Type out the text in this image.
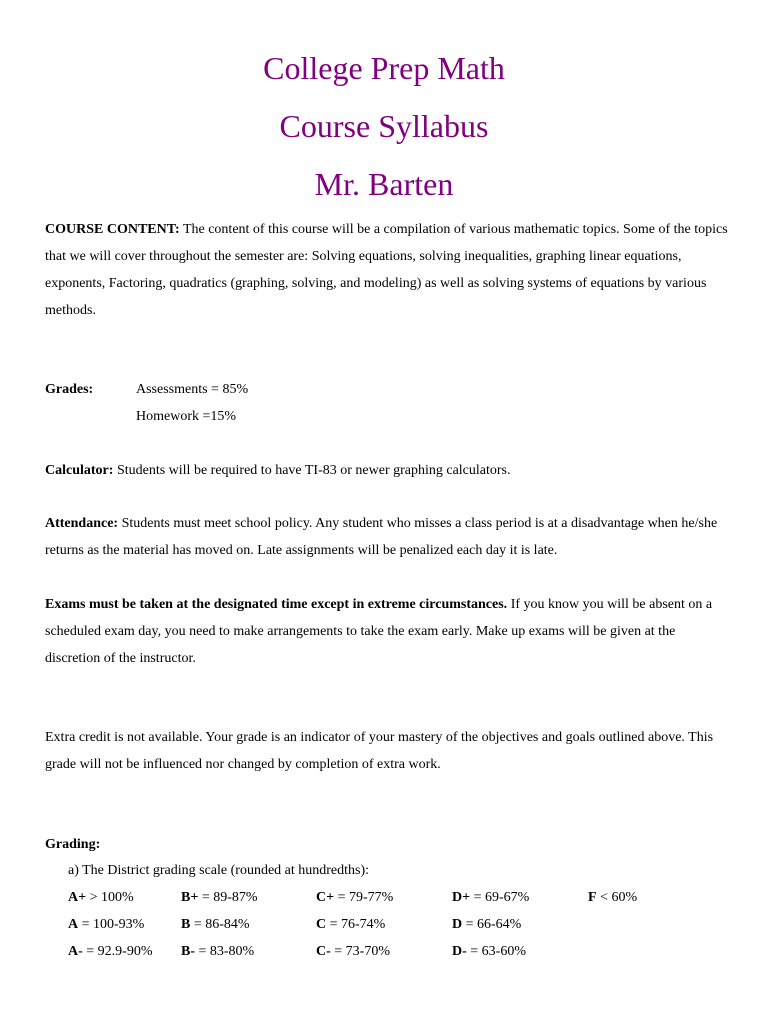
College Prep Math
Course Syllabus
Mr. Barten
COURSE CONTENT: The content of this course will be a compilation of various mathematic topics. Some of the topics that we will cover throughout the semester are: Solving equations, solving inequalities, graphing linear equations, exponents, Factoring, quadratics (graphing, solving, and modeling) as well as solving systems of equations by various methods.
Grades:	Assessments = 85%
Homework =15%
Calculator: Students will be required to have TI-83 or newer graphing calculators.
Attendance: Students must meet school policy. Any student who misses a class period is at a disadvantage when he/she returns as the material has moved on. Late assignments will be penalized each day it is late.
Exams must be taken at the designated time except in extreme circumstances. If you know you will be absent on a scheduled exam day, you need to make arrangements to take the exam early. Make up exams will be given at the discretion of the instructor.
Extra credit is not available. Your grade is an indicator of your mastery of the objectives and goals outlined above. This grade will not be influenced nor changed by completion of extra work.
Grading:
a) The District grading scale (rounded at hundredths):
A+ > 100%	B+ = 89-87%	C+ = 79-77%	D+ = 69-67%	F < 60%
A = 100-93%	B = 86-84%	C = 76-74%	D = 66-64%	
A- = 92.9-90%	B- = 83-80%	C- = 73-70%	D- = 63-60%	
